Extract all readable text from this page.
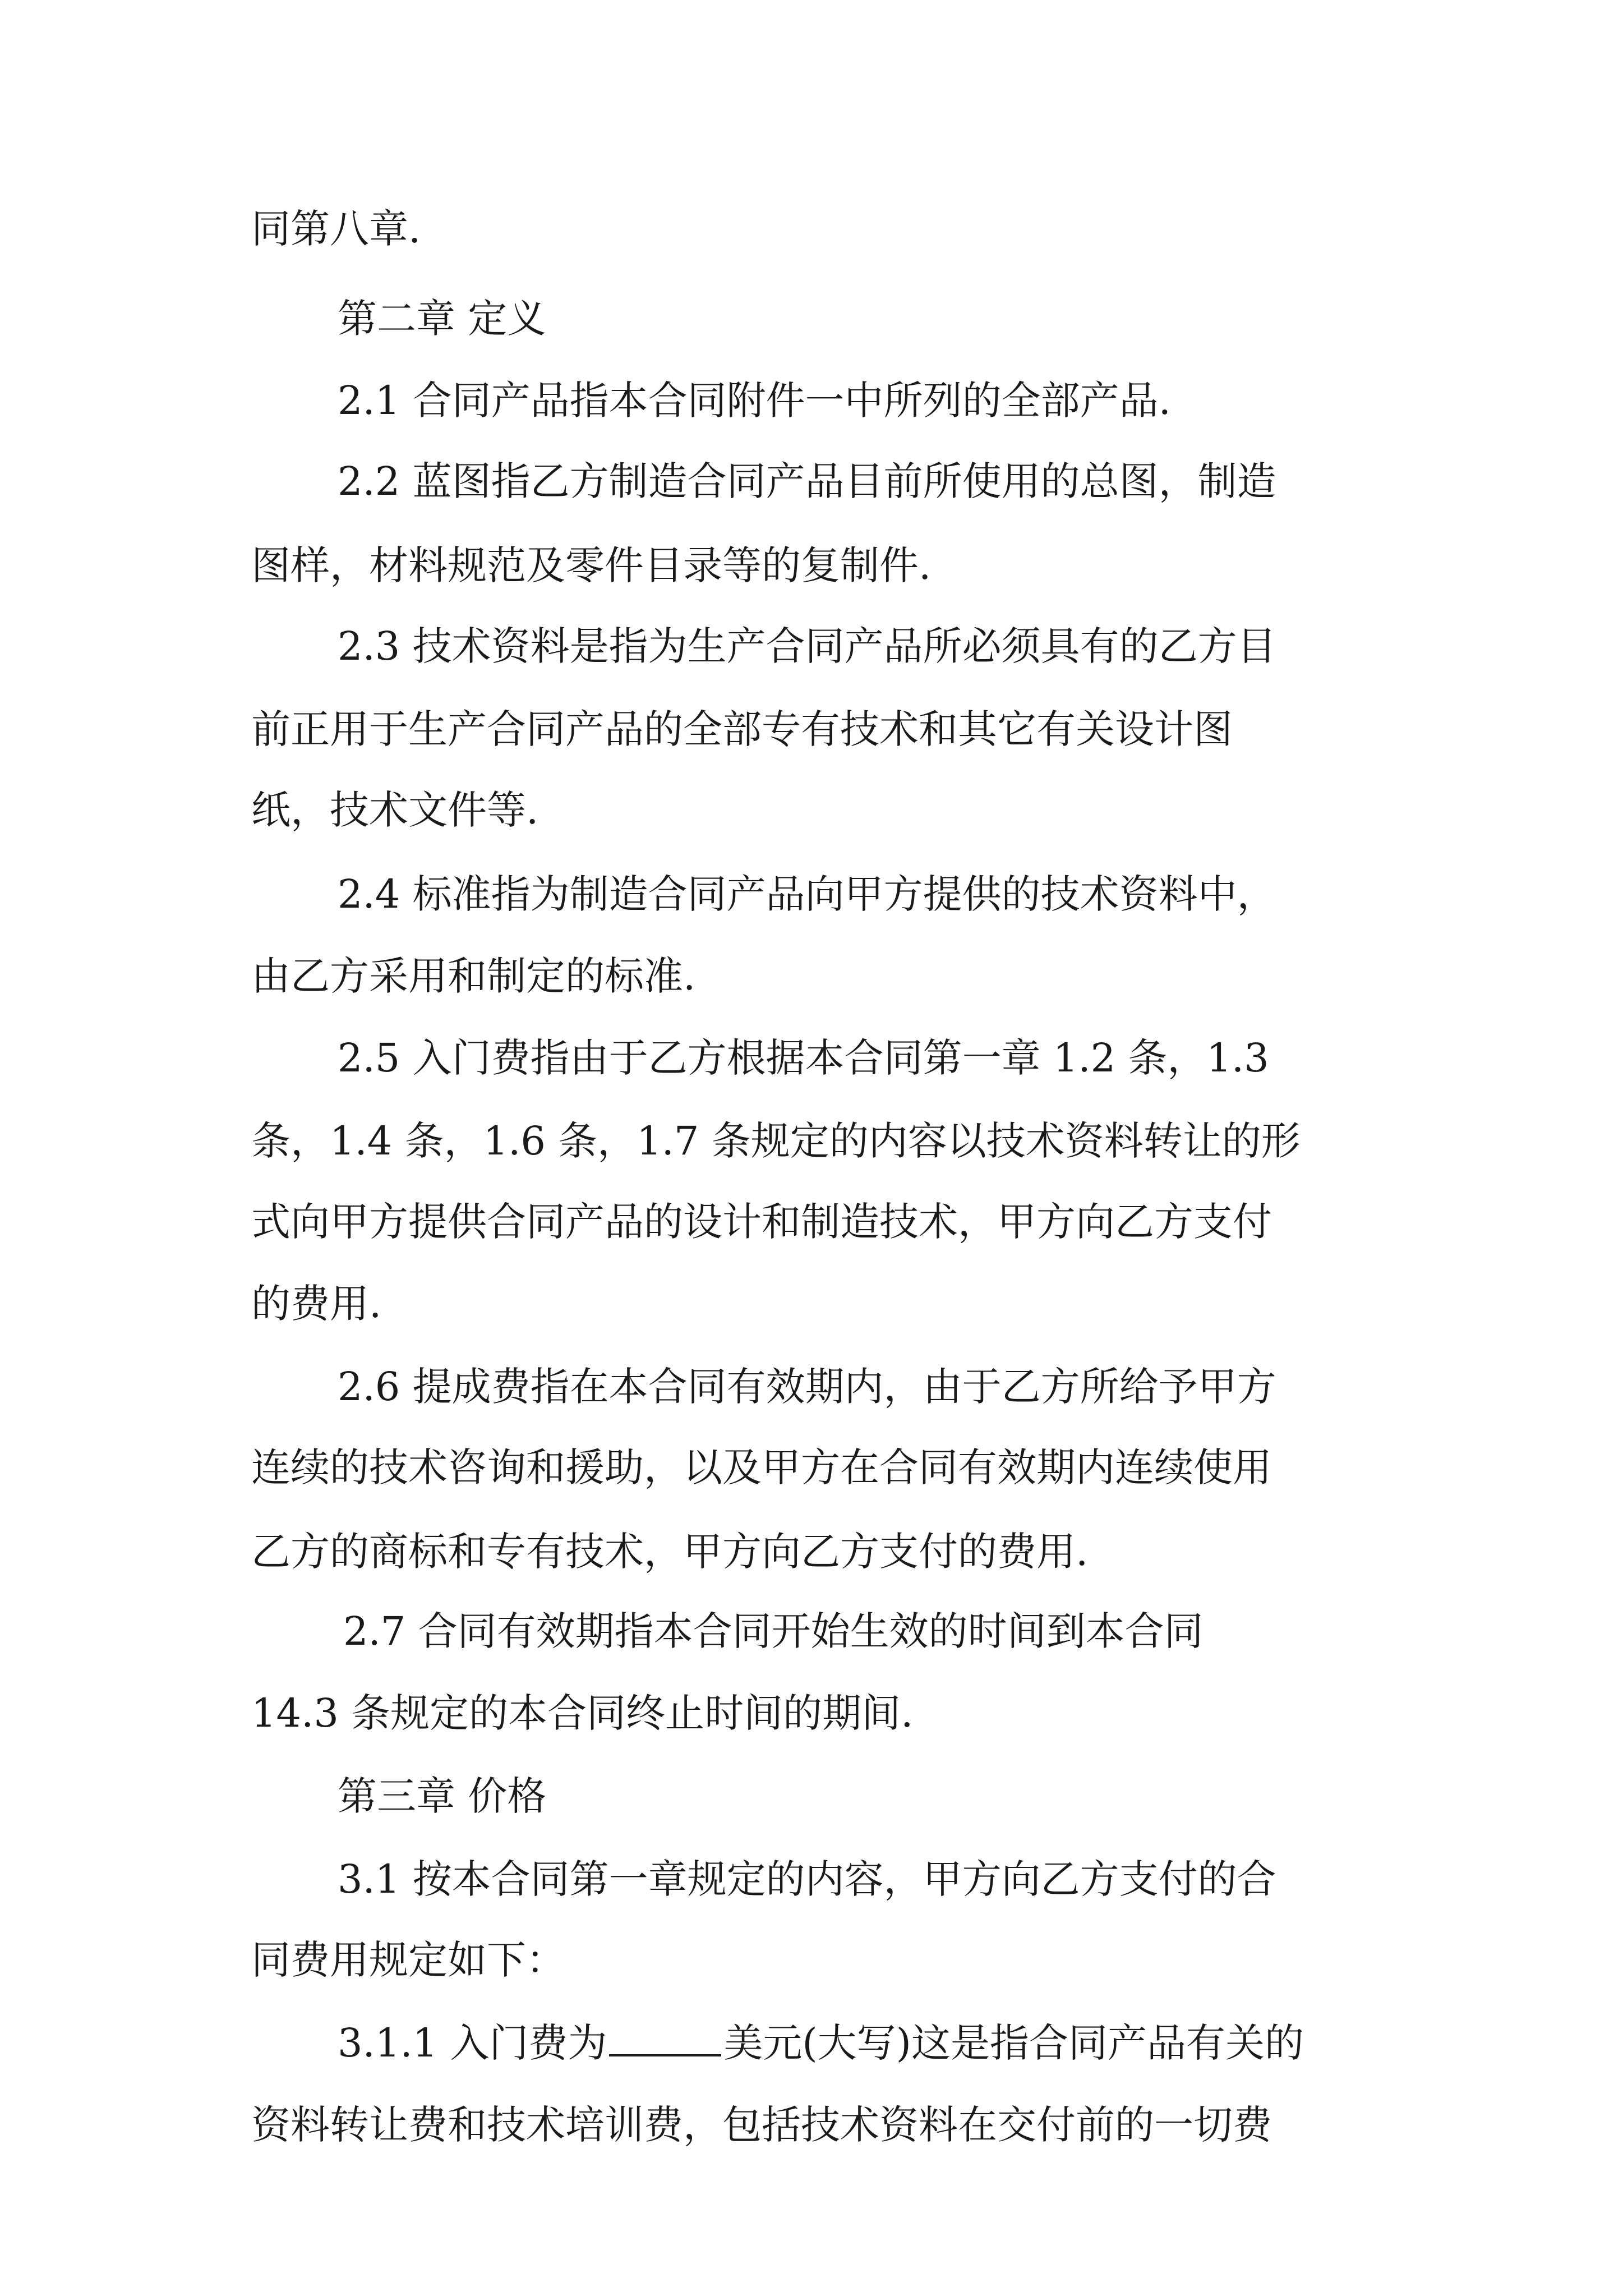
同第八章.
第二章 定义
2.1 合同产品指本合同附件一中所列的全部产品.
2.2 蓝图指乙方制造合同产品目前所使用的总图，制造
图样，材料规范及零件目录等的复制件.
2.3 技术资料是指为生产合同产品所必须具有的乙方目
前正用于生产合同产品的全部专有技术和其它有关设计图
纸，技术文件等.
2.4 标准指为制造合同产品向甲方提供的技术资料中，
由乙方采用和制定的标准.
2.5 入门费指由于乙方根据本合同第一章 1.2 条，1.3
条，1.4 条，1.6 条，1.7 条规定的内容以技术资料转让的形
式向甲方提供合同产品的设计和制造技术，甲方向乙方支付
的费用.
2.6 提成费指在本合同有效期内，由于乙方所给予甲方
连续的技术咨询和援助，以及甲方在合同有效期内连续使用
乙方的商标和专有技术，甲方向乙方支付的费用.
2.7 合同有效期指本合同开始生效的时间到本合同
14.3 条规定的本合同终止时间的期间.
第三章 价格
3.1 按本合同第一章规定的内容，甲方向乙方支付的合
同费用规定如下：
3.1.1 入门费为	美元(大写)这是指合同产品有关的
资料转让费和技术培训费，包括技术资料在交付前的一切费
